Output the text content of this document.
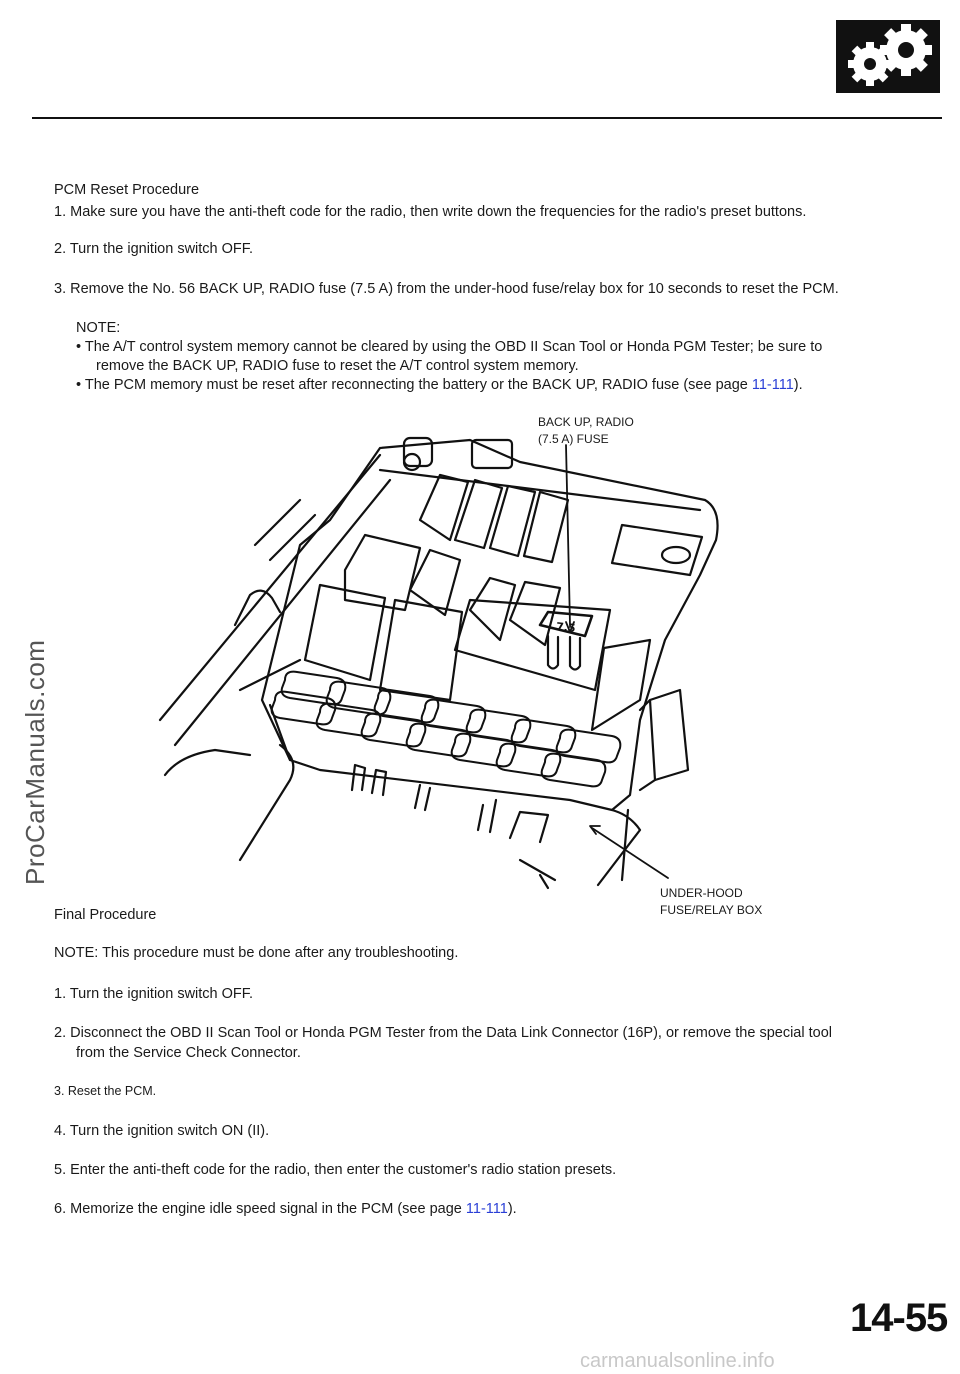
PCM Reset Procedure
1. Make sure you have the anti-theft code for the radio, then write down the frequencies for the radio's preset buttons.
2. Turn the ignition switch OFF.
3. Remove the No. 56 BACK UP, RADIO fuse (7.5 A) from the under-hood fuse/relay box for 10 seconds to reset the PCM.
NOTE:
• The A/T control system memory cannot be cleared by using the OBD II Scan Tool or Honda PGM Tester; be sure to
remove the BACK UP, RADIO fuse to reset the A/T control system memory.
• The PCM memory must be reset after reconnecting the battery or the BACK UP, RADIO fuse (see page 11-111).
BACK UP, RADIO
(7.5 A) FUSE
UNDER-HOOD
FUSE/RELAY BOX
7.5
Final Procedure
NOTE: This procedure must be done after any troubleshooting.
1. Turn the ignition switch OFF.
2. Disconnect the OBD II Scan Tool or Honda PGM Tester from the Data Link Connector (16P), or remove the special tool
from the Service Check Connector.
3. Reset the PCM.
4. Turn the ignition switch ON (II).
5. Enter the anti-theft code for the radio, then enter the customer's radio station presets.
6. Memorize the engine idle speed signal in the PCM (see page 11-111).
ProCarManuals.com
14-55
carmanualsonline.info
